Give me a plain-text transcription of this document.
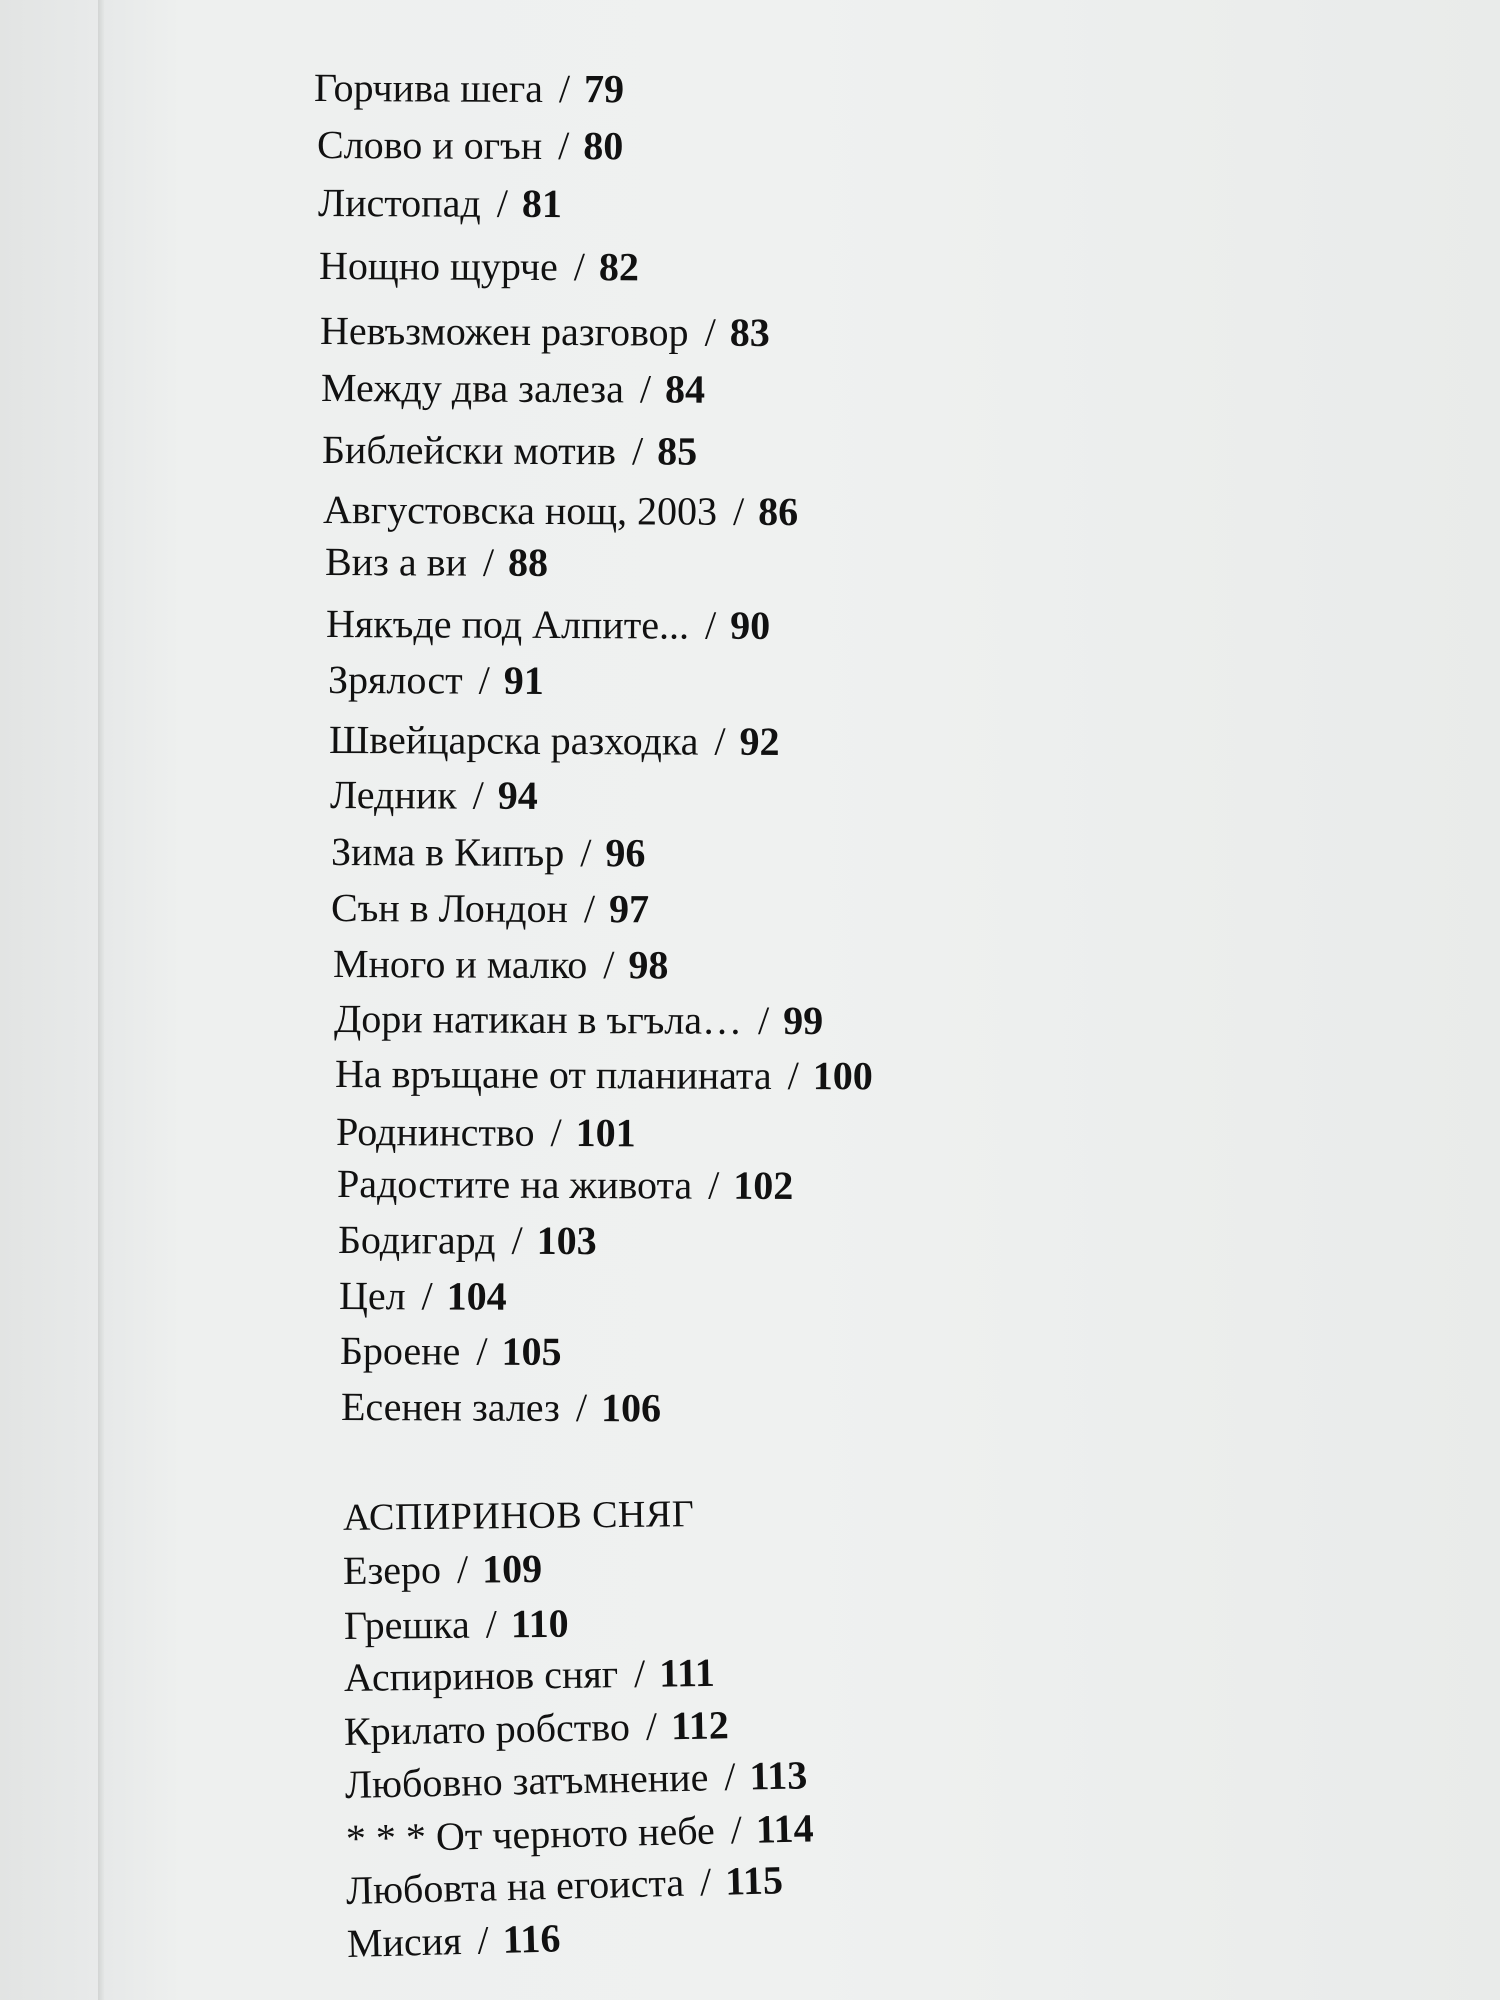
Горчива шега / 79
Слово и огън / 80
Листопад / 81
Нощно щурче / 82
Невъзможен разговор / 83
Между два залеза / 84
Библейски мотив / 85
Августовска нощ, 2003 / 86
Виз а ви / 88
Някъде под Алпите... / 90
Зрялост / 91
Швейцарска разходка / 92
Ледник / 94
Зима в Кипър / 96
Сън в Лондон / 97
Много и малко / 98
Дори натикан в ъгъла… / 99
На връщане от планината / 100
Роднинство / 101
Радостите на живота / 102
Бодигард / 103
Цел / 104
Броене / 105
Есенен залез / 106
АСПИРИНОВ СНЯГ
Езеро / 109
Грешка / 110
Аспиринов сняг / 111
Крилато робство / 112
Любовно затъмнение / 113
* * * От черното небе / 114
Любовта на егоиста / 115
Мисия / 116
